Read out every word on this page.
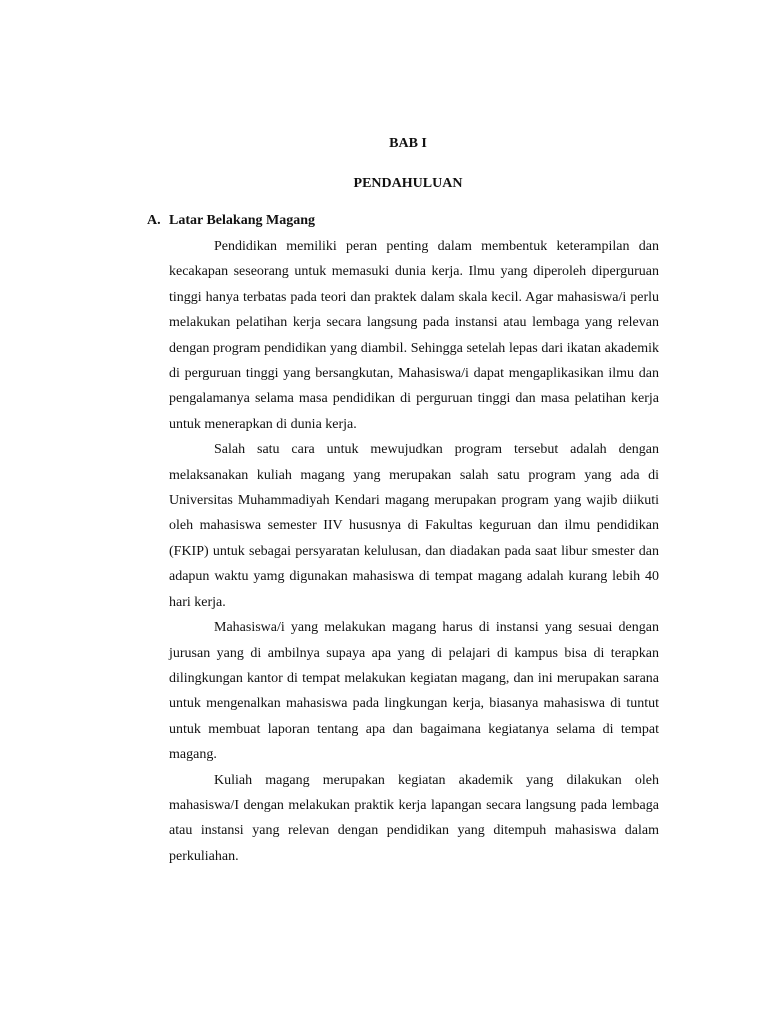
BAB I
PENDAHULUAN
A. Latar Belakang Magang

Pendidikan memiliki peran penting dalam membentuk keterampilan dan kecakapan seseorang untuk memasuki dunia kerja. Ilmu yang diperoleh diperguruan tinggi hanya terbatas pada teori dan praktek dalam skala kecil. Agar mahasiswa/i perlu melakukan pelatihan kerja secara langsung pada instansi atau lembaga yang relevan dengan program pendidikan yang diambil. Sehingga setelah lepas dari ikatan akademik di perguruan tinggi yang bersangkutan, Mahasiswa/i dapat mengaplikasikan ilmu dan pengalamanya selama masa pendidikan di perguruan tinggi dan masa pelatihan kerja untuk menerapkan di dunia kerja.

Salah satu cara untuk mewujudkan program tersebut adalah dengan melaksanakan kuliah magang yang merupakan salah satu program yang ada di Universitas Muhammadiyah Kendari magang merupakan program yang wajib diikuti oleh mahasiswa semester IIV hususnya di Fakultas keguruan dan ilmu pendidikan (FKIP) untuk sebagai persyaratan kelulusan, dan diadakan pada saat libur smester dan adapun waktu yamg digunakan mahasiswa di tempat magang adalah kurang lebih 40 hari kerja.

Mahasiswa/i yang melakukan magang harus di instansi yang sesuai dengan jurusan yang di ambilnya supaya apa yang di pelajari di kampus bisa di terapkan dilingkungan kantor di tempat melakukan kegiatan magang, dan ini merupakan sarana untuk mengenalkan mahasiswa pada lingkungan kerja, biasanya mahasiswa di tuntut untuk membuat laporan tentang apa dan bagaimana kegiatanya selama di tempat magang.

Kuliah magang merupakan kegiatan akademik yang dilakukan oleh mahasiswa/I dengan melakukan praktik kerja lapangan secara langsung pada lembaga atau instansi yang relevan dengan pendidikan yang ditempuh mahasiswa dalam perkuliahan.
